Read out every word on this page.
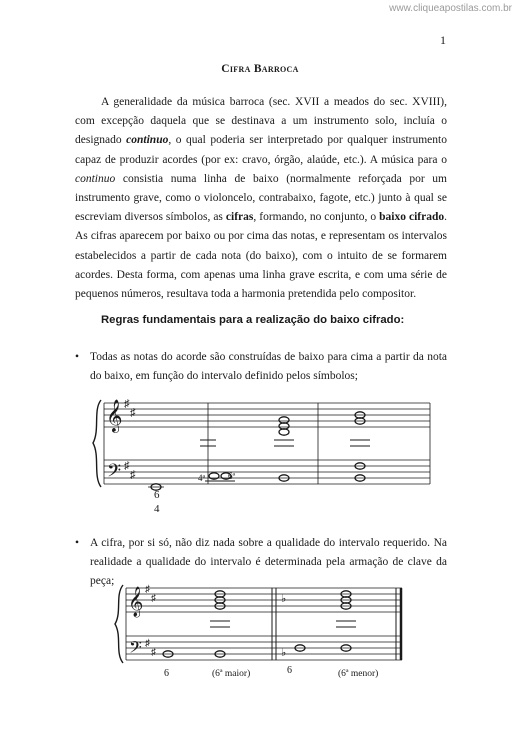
www.cliqueapostilas.com.br
1
Cifra Barroca

A generalidade da música barroca (sec. XVII a meados do sec. XVIII), com excepção daquela que se destinava a um instrumento solo, incluía o designado continuo, o qual poderia ser interpretado por qualquer instrumento capaz de produzir acordes (por ex: cravo, órgão, alaúde, etc.). A música para o continuo consistia numa linha de baixo (normalmente reforçada por um instrumento grave, como o violoncelo, contrabaixo, fagote, etc.) junto à qual se escreviam diversos símbolos, as cifras, formando, no conjunto, o baixo cifrado. As cifras aparecem por baixo ou por cima das notas, e representam os intervalos estabelecidos a partir de cada nota (do baixo), com o intuito de se formarem acordes. Desta forma, com apenas uma linha grave escrita, e com uma série de pequenos números, resultava toda a harmonia pretendida pelo compositor.

Regras fundamentais para a realização do baixo cifrado:

• Todas as notas do acorde são construídas de baixo para cima a partir da nota do baixo, em função do intervalo definido pelos símbolos;

• A cifra, por si só, não diz nada sobre a qualidade do intervalo requerido. Na realidade a qualidade do intervalo é determinada pela armação de clave da peça;

𝄞
𝄢
♯
♯
♯
♯	4ª	6ª
6
4
𝄞
𝄢
♯
♯
♯
♯
♭
♭
6	(6ª maior)	6	(6ª menor)
